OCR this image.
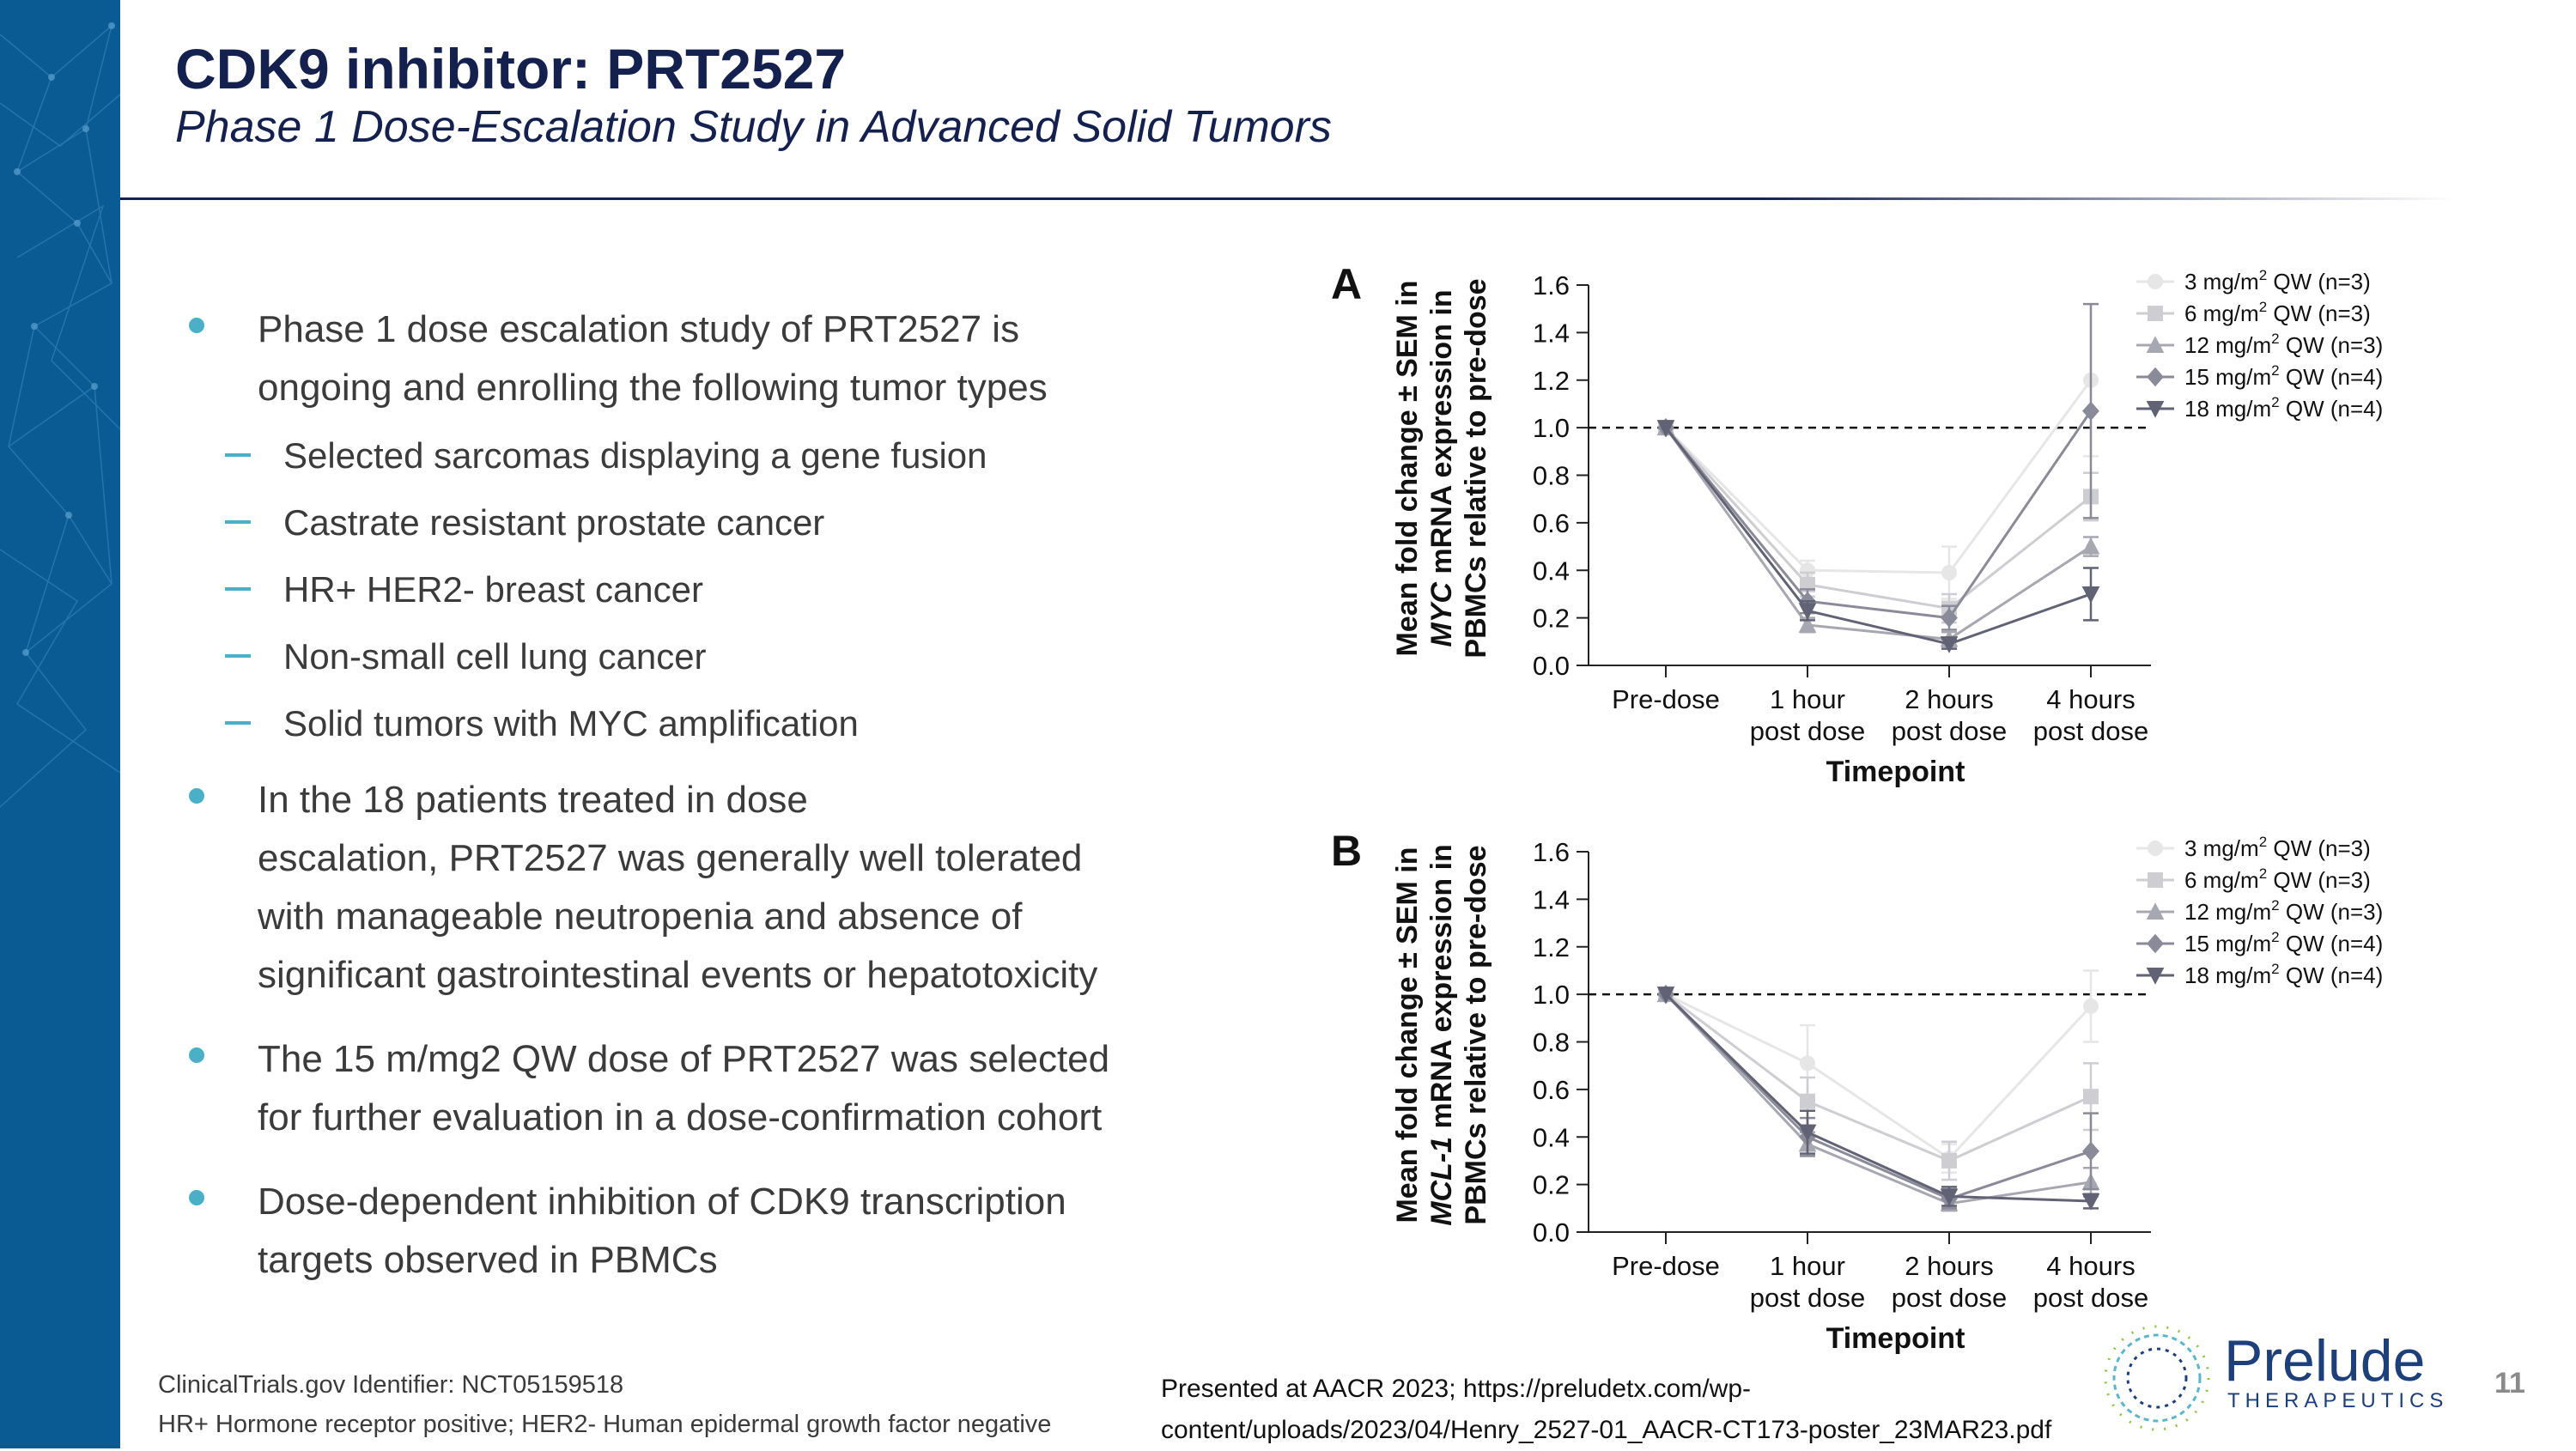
CDK9 inhibitor: PRT2527
Phase 1 Dose-Escalation Study in Advanced Solid Tumors
Phase 1 dose escalation study of PRT2527 is
ongoing and enrolling the following tumor types
Selected sarcomas displaying a gene fusion
Castrate resistant prostate cancer
HR+ HER2- breast cancer
Non-small cell lung cancer
Solid tumors with MYC amplification
In the 18 patients treated in dose
escalation, PRT2527 was generally well tolerated
with manageable neutropenia and absence of
significant gastrointestinal events or hepatotoxicity
The 15 m/mg2 QW dose of PRT2527 was selected
for further evaluation in a dose-confirmation cohort
Dose-dependent inhibition of CDK9 transcription
targets observed in PBMCs
A Mean fold change ± SEM inMYC mRNA expression inPBMCs relative to pre-dose
0.0
0.2
0.4
0.6
0.8
1.0
1.2
1.4
1.6
Pre-dose	1 hour post dose
2 hours post dose
4 hours post dose
Timepoint
3 $mg/m^2$ QW (n=3)
6 $mg/m^2$ QW (n=3)
12 $mg/m^2$ QW (n=3)
15 $mg/m^2$ QW (n=4)
18 $mg/m^2$ QW (n=4)
B Mean fold change ± SEM inMCL-1 mRNA expression inPBMCs relative to pre-dose
0.0
0.2
0.4
0.6
0.8
1.0
1.2
1.4
1.6
Pre-dose	1 hour post dose
2 hours post dose
4 hours post dose
Timepoint
3 $mg/m^2$ QW (n=3)
6 $mg/m^2$ QW (n=3)
12 $mg/m^2$ QW (n=3)
15 $mg/m^2$ QW (n=4)
18 $mg/m^2$ QW (n=4)
ClinicalTrials.gov Identifier: NCT05159518
HR+ Hormone receptor positive; HER2- Human epidermal growth factor negative
Presented at AACR 2023; https://preludetx.com/wp-
content/uploads/2023/04/Henry_2527-01_AACR-CT173-poster_23MAR23.pdf
Prelude
THERAPEUTICS
11
